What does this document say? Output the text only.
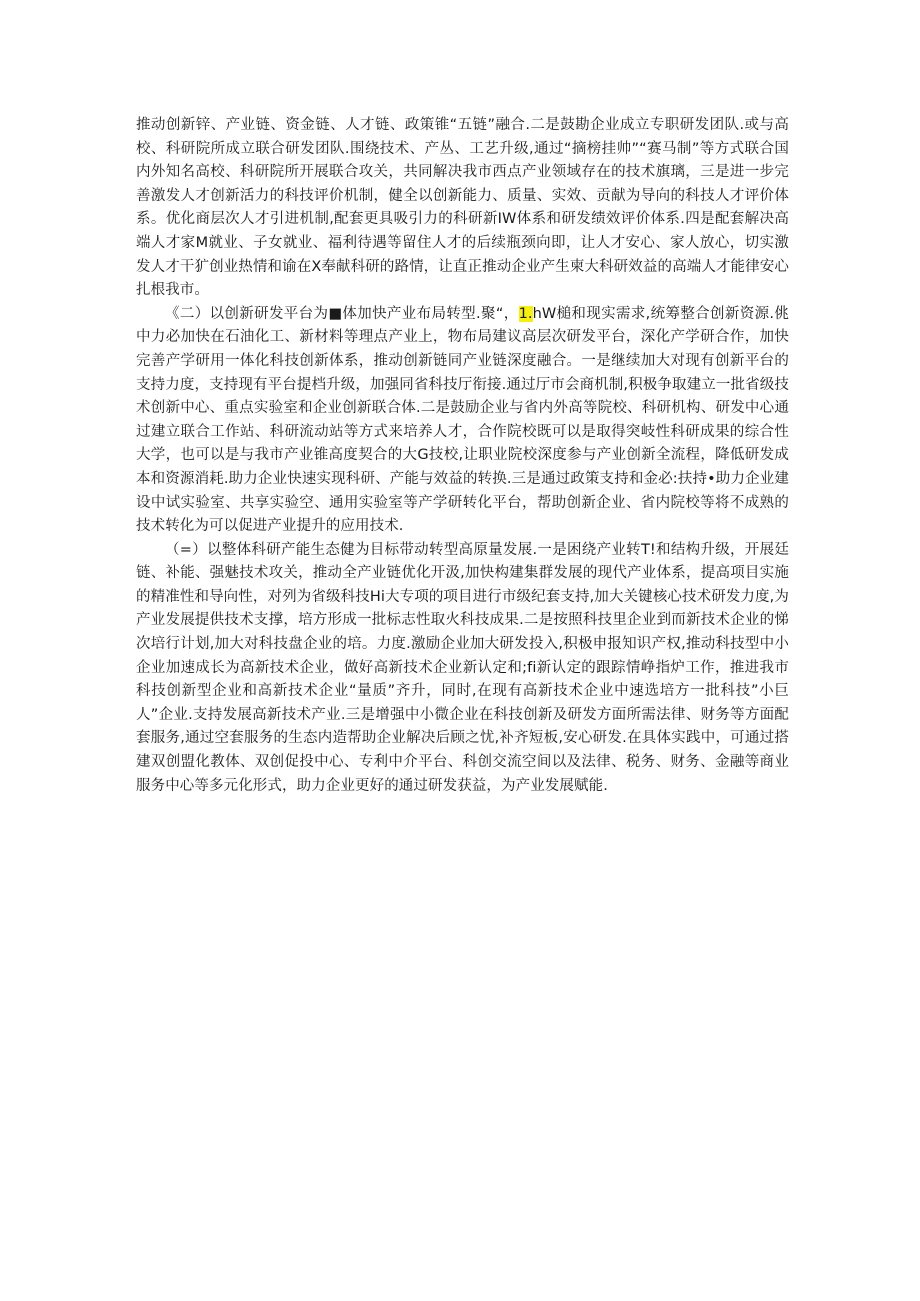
推动创新锌、产业链、资金链、人才链、政策锥“五链”融合.二是鼓勘企业成立专职研发团队.或与高校、科研院所成立联合研发团队.围绕技术、产丛、工艺升级,通过“摘榜挂帅”“赛马制”等方式联合国内外知名高校、科研院所开展联合攻关，共同解决我市西点产业领域存在的技术旗璃，三是进一步完善激发人才创新活力的科技评价机制，健全以创新能力、质量、实效、贡献为导向的科技人才评价体系。优化商层次人才引进机制,配套更具吸引力的科研新IW体系和研发绩效评价体系.四是配套解决高端人才家M就业、子女就业、福利待遇等留住人才的后续瓶颈向即，让人才安心、家人放心，切实激发人才干犷创业热情和谕在X奉献科研的路情，让直正推动企业产生柬大科研效益的高端人才能律安心扎根我市。

《二）以创新研发平台为■体加快产业布局转型.聚“，1.hW槌和现实需求,统筹整合创新资源.佻中力必加快在石油化工、新材料等理点产业上，物布局建议高层次研发平台，深化产学研合作，加快完善产学研用一体化科技创新体系，推动创新链同产业链深度融合。一是继续加大对现有创新平台的支持力度，支持现有平台提档升级，加强同省科技厅衔接.通过厅市会商机制,积极争取建立一批省级技术创新中心、重点实验室和企业创新联合体.二是鼓励企业与省内外高等院校、科研机构、研发中心通过建立联合工作站、科研流动站等方式来培养人才，合作院校既可以是取得突岐性科研成果的综合性大学，也可以是与我市产业锥高度契合的大G技校,让职业院校深度参与产业创新全流程，降低研发成本和资源消耗.助力企业快速实现科研、产能与效益的转换.三是通过政策支持和金必:扶持•助力企业建设中试实验室、共享实验空、通用实验室等产学研转化平台，帮助创新企业、省内院校等将不成熟的技术转化为可以促进产业提升的应用技术.

（=）以整体科研产能生态健为目标带动转型高原量发展.一是困绕产业转T!和结构升级，开展廷链、补能、强魅技术攻关，推动全产业链优化开汲,加快构建集群发展的现代产业体系，提高项目实施的精准性和导向性，对列为省级科技Hi大专项的项目进行市级纪套支持,加大关键核心技术研发力度,为产业发展提供技术支撑，培方形成一批标志性取火科技成果.二是按照科技里企业到而新技术企业的悌次培行计划,加大对科技盘企业的培。力度.激励企业加大研发投入,积极申报知识产权,推动科技型中小企业加速成长为高新技术企业，做好高新技术企业新认定和;fi新认定的跟踪情峥指炉工作，推进我市科技创新型企业和高新技术企业“量质”齐升，同时,在现有高新技术企业中速选培方一批科技”小巨人”企业.支持发展高新技术产业.三是增强中小微企业在科技创新及研发方面所需法律、财务等方面配套服务,通过空套服务的生态内造帮助企业解决后顾之忧,补齐短板,安心研发.在具体实践中，可通过搭建双创盟化教体、双创促投中心、专利中介平台、科创交流空间以及法律、税务、财务、金融等商业服务中心等多元化形式，助力企业更好的通过研发获益，为产业发展赋能.
